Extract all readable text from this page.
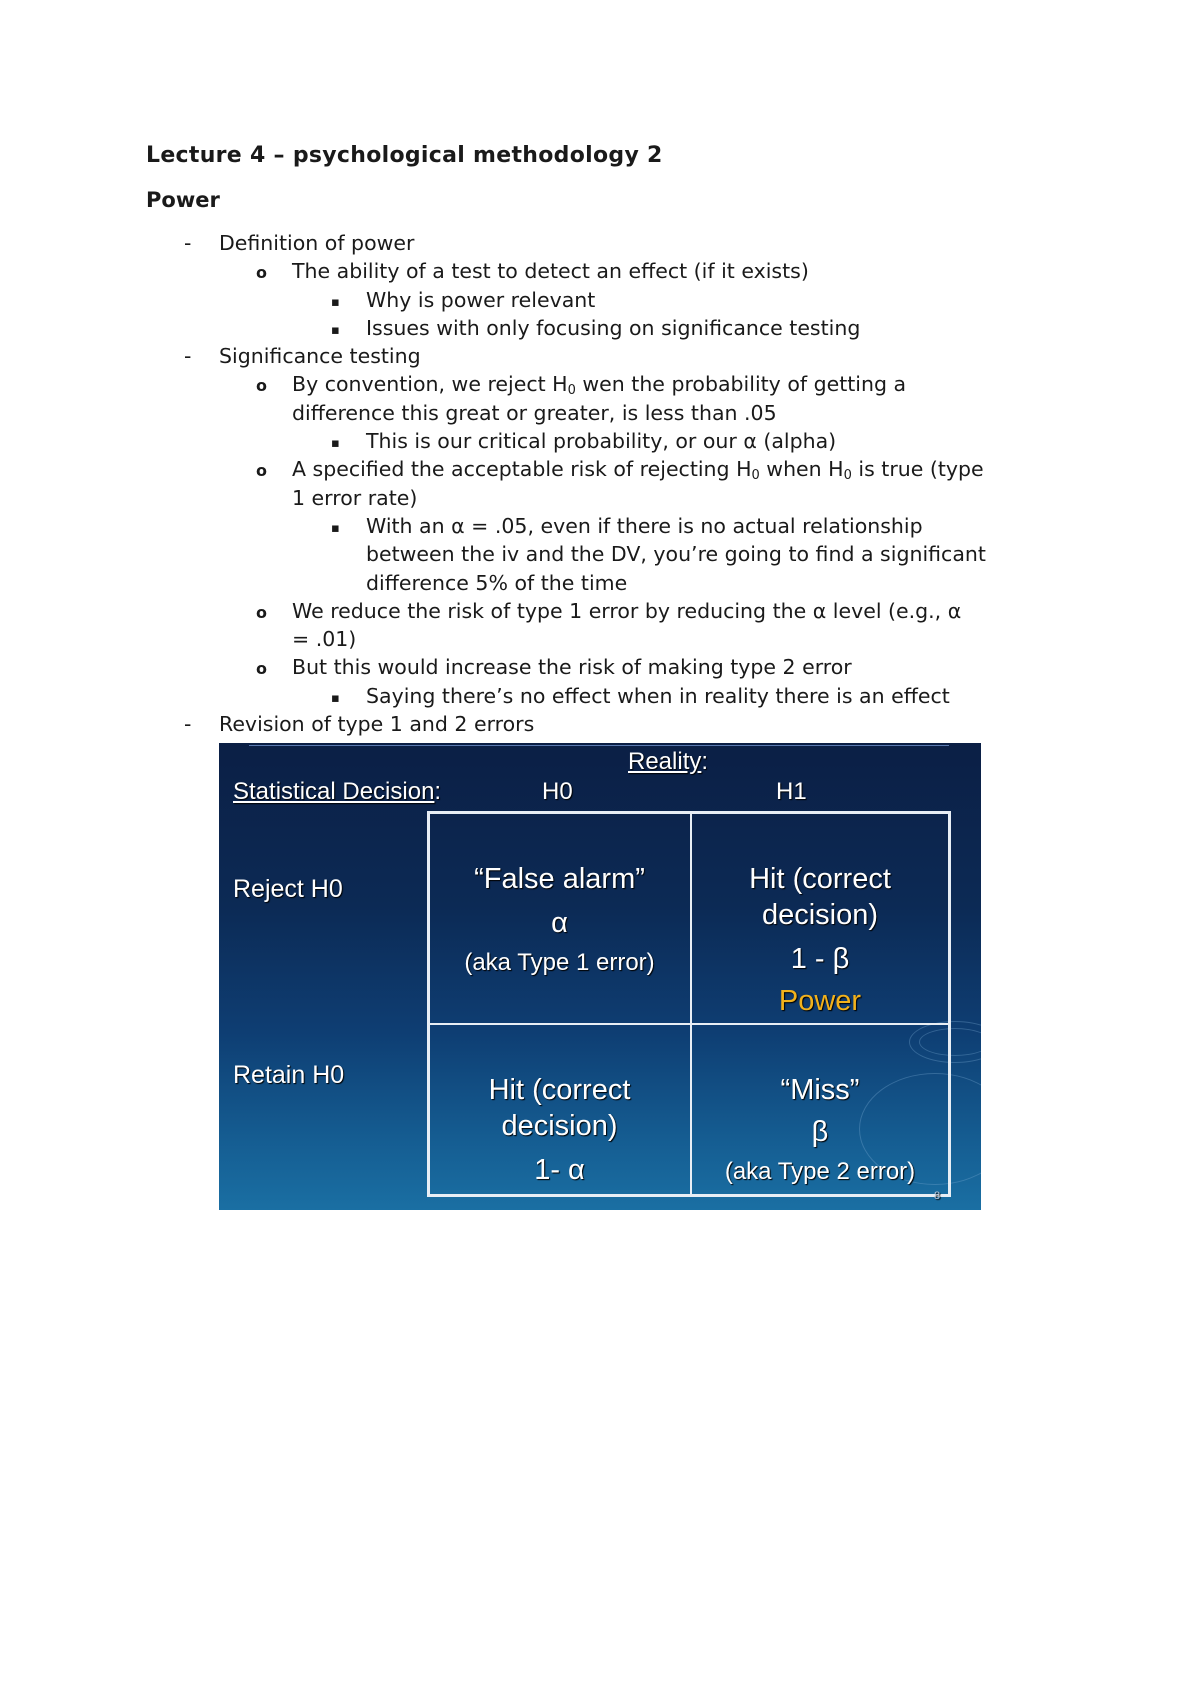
Lecture 4 – psychological methodology 2
Power
- Definition of power
o The ability of a test to detect an effect (if it exists)
▪ Why is power relevant
▪ Issues with only focusing on significance testing
- Significance testing
o By convention, we reject $H_0$ wen the probability of getting a
difference this great or greater, is less than .05
▪ This is our critical probability, or our α (alpha)
o A specified the acceptable risk of rejecting $H_0$ when $H_0$ is true (type
1 error rate)
▪ With an α = .05, even if there is no actual relationship
between the iv and the DV, you’re going to find a significant
difference 5% of the time
o We reduce the risk of type 1 error by reducing the α level (e.g., α
= .01)
o But this would increase the risk of making type 2 error
▪ Saying there’s no effect when in reality there is an effect
- Revision of type 1 and 2 errors
Reality:
Statistical Decision:	H0	H1
Reject H0
Retain H0
“False alarm”
α
(aka Type 1 error)
Hit (correct
decision)
1 - β
Power
Hit (correct
decision)
1- α
“Miss”
β
(aka Type 2 error)
8
